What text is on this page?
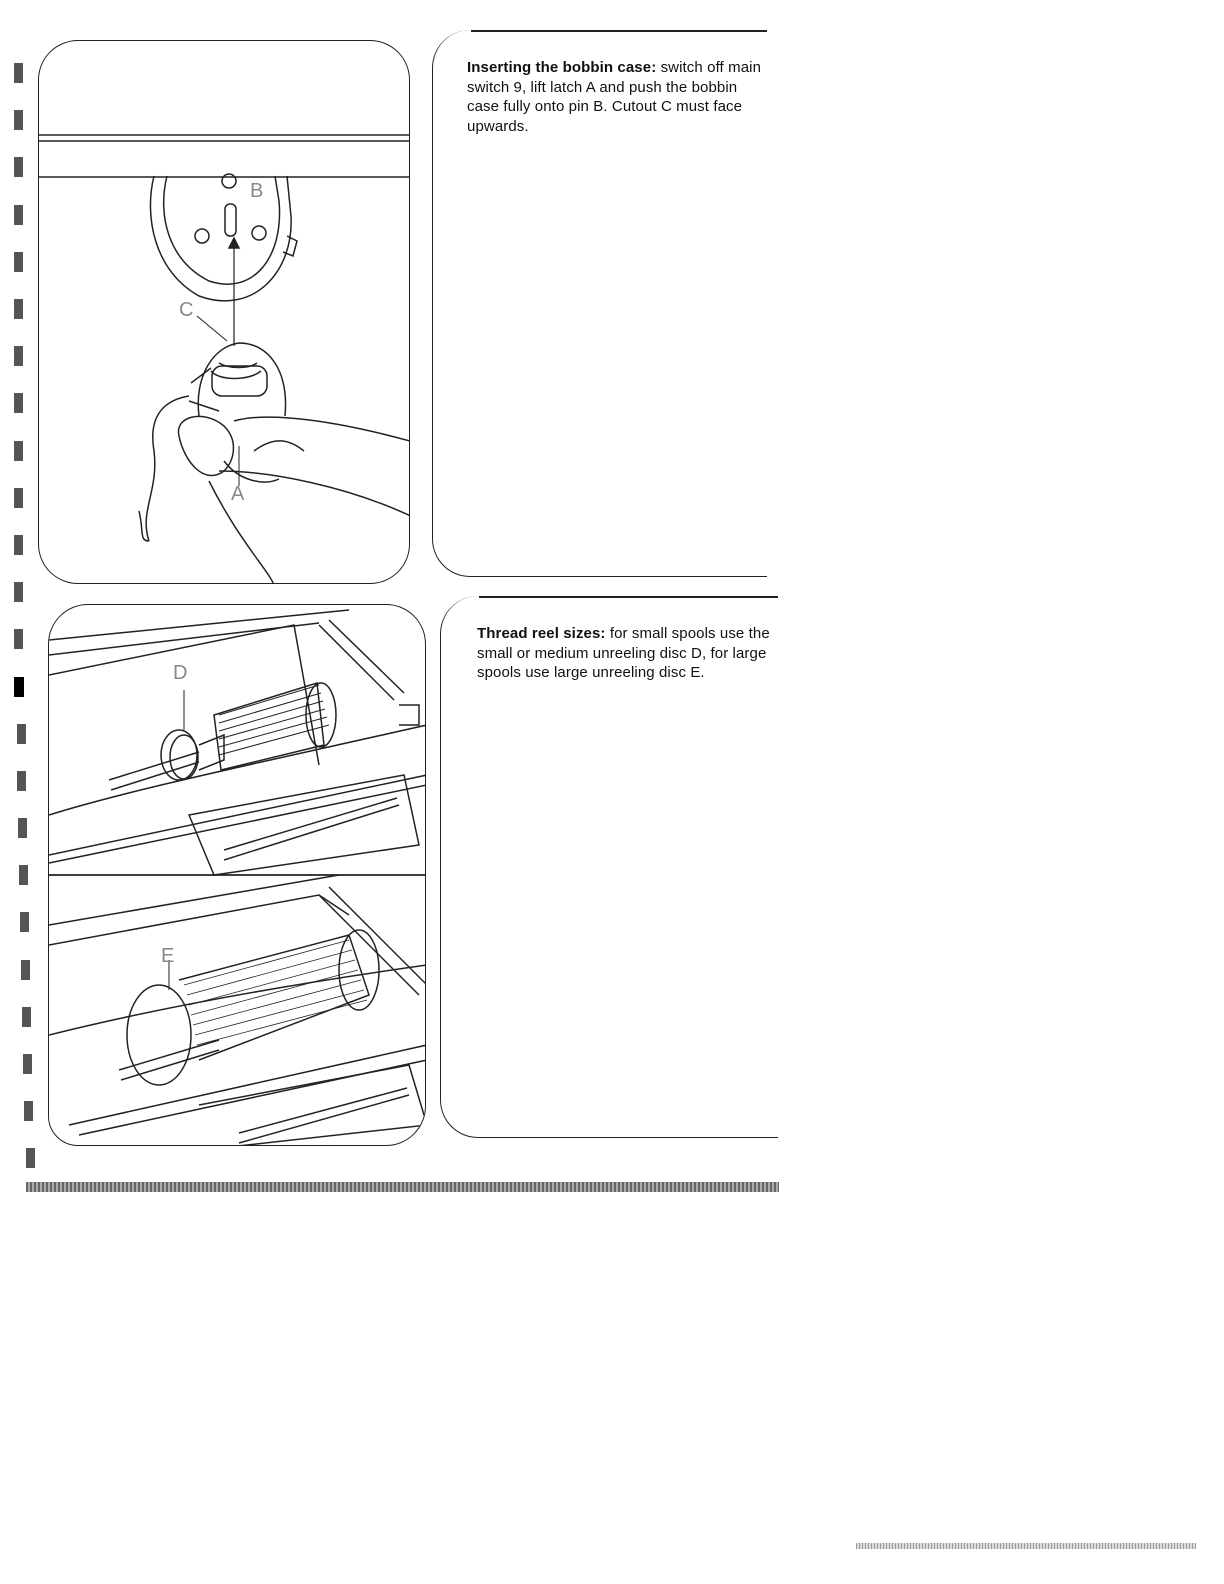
B
C
A
Inserting the bobbin case: switch off main switch 9, lift latch A and push the bobbin case fully onto pin B. Cutout C must face upwards.
D
E
Thread reel sizes: for small spools use the small or medium unreeling disc D, for large spools use large unreeling disc E.
